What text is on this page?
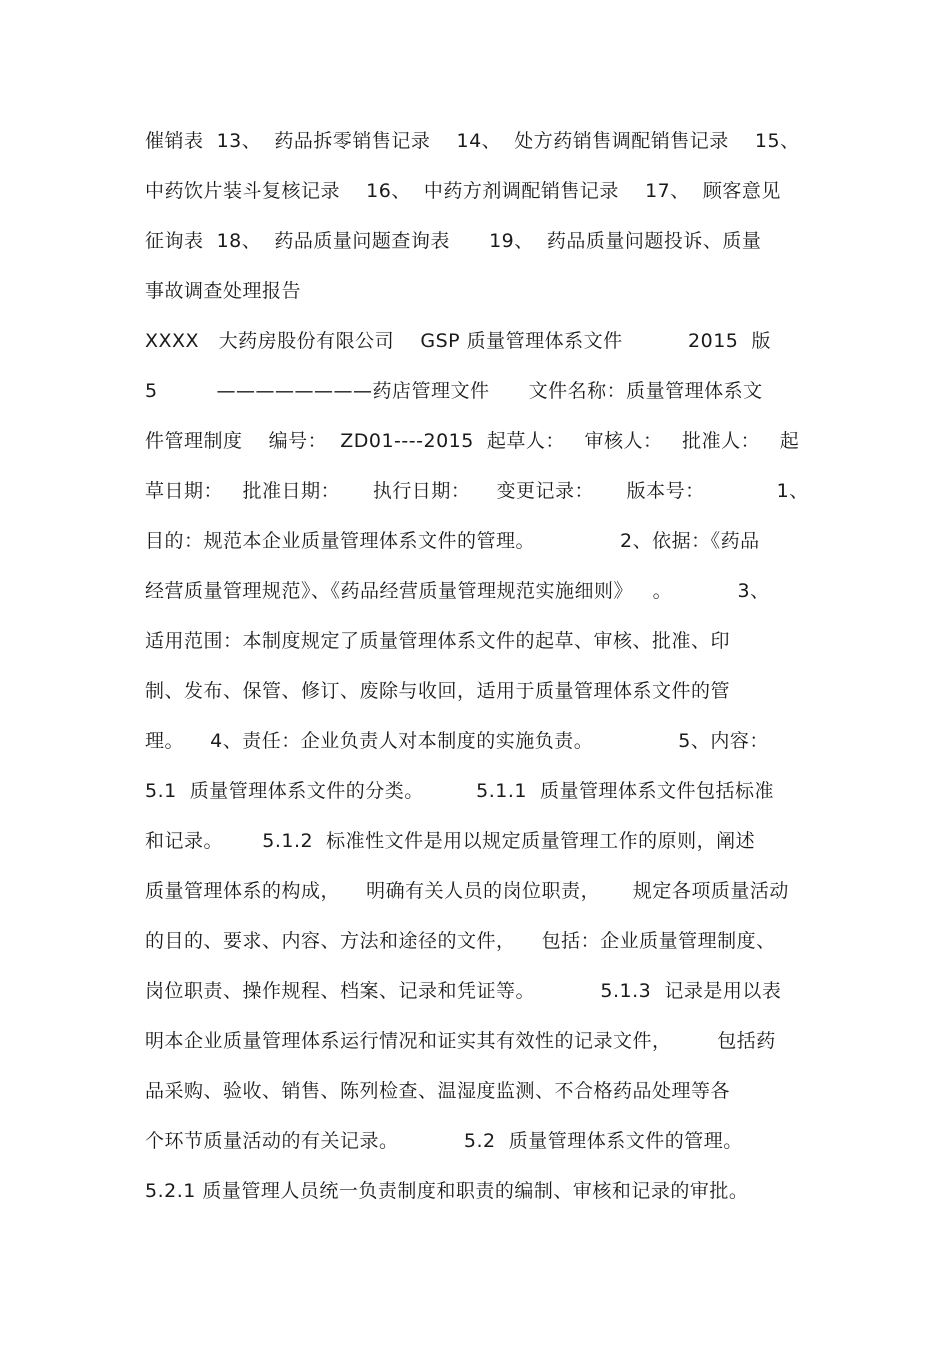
催销表  13、  药品拆零销售记录    14、  处方药销售调配销售记录    15、
中药饮片装斗复核记录    16、  中药方剂调配销售记录    17、  顾客意见
征询表  18、  药品质量问题查询表      19、  药品质量问题投诉、质量
事故调查处理报告
XXXX   大药房股份有限公司    GSP 质量管理体系文件          2015  版
5         ————————药店管理文件      文件名称：质量管理体系文
件管理制度    编号：  ZD01----2015  起草人：   审核人：   批准人：   起
草日期：   批准日期：     执行日期：    变更记录：     版本号：           1、
目的：规范本企业质量管理体系文件的管理。             2、依据：《药品
经营质量管理规范》、《药品经营质量管理规范实施细则》   。          3、
适用范围：本制度规定了质量管理体系文件的起草、审核、批准、印
制、发布、保管、修订、废除与收回，适用于质量管理体系文件的管
理。    4、责任：企业负责人对本制度的实施负责。             5、内容：
5.1  质量管理体系文件的分类。        5.1.1  质量管理体系文件包括标准
和记录。      5.1.2  标准性文件是用以规定质量管理工作的原则，阐述
质量管理体系的构成，    明确有关人员的岗位职责，     规定各项质量活动
的目的、要求、内容、方法和途径的文件，    包括：企业质量管理制度、
岗位职责、操作规程、档案、记录和凭证等。          5.1.3  记录是用以表
明本企业质量管理体系运行情况和证实其有效性的记录文件，       包括药
品采购、验收、销售、陈列检查、温湿度监测、不合格药品处理等各
个环节质量活动的有关记录。          5.2  质量管理体系文件的管理。
5.2.1 质量管理人员统一负责制度和职责的编制、审核和记录的审批。
